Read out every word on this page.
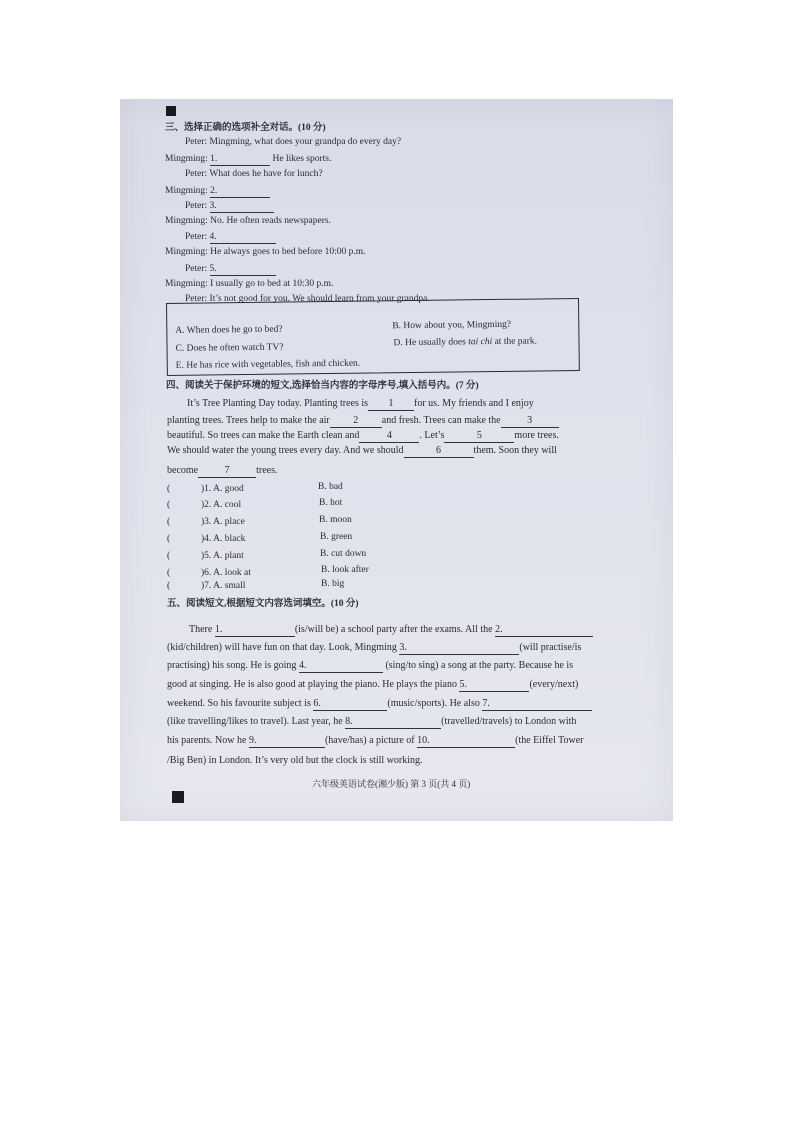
三、选择正确的选项补全对话。(10 分)
Peter: Mingming, what does your grandpa do every day?
Mingming: 1.	He likes sports.
Peter: What does he have for lunch?
Mingming: 2.
Peter: 3.
Mingming: No. He often reads newspapers.
Peter: 4.
Mingming: He always goes to bed before 10:00 p.m.
Peter: 5.
Mingming: I usually go to bed at 10:30 p.m.
Peter: It’s not good for you. We should learn from your grandpa.
A. When does he go to bed?	B. How about you, Mingming?
C. Does he often watch TV?	D. He usually does tai chi at the park.
E. He has rice with vegetables, fish and chicken.
四、阅读关于保护环境的短文,选择恰当内容的字母序号,填入括号内。(7 分)
It’s Tree Planting Day today. Planting trees is 1 for us. My friends and I enjoy
planting trees. Trees help to make the air 2 and fresh. Trees can make the	3
beautiful. So trees can make the Earth clean and	4	. Let’s	5	more trees.
We should water the young trees every day. And we should	6	them. Soon they will
become	7	trees.
(	)1. A. good	B. bad
(	)2. A. cool	B. hot
(	)3. A. place	B. moon
(	)4. A. black	B. green
(	)5. A. plant	B. cut down
(	)6. A. look at	B. look after
(	)7. A. small	B. big
五、阅读短文,根据短文内容选词填空。(10 分)
There 1.	(is/will be) a school party after the exams. All the 2.
(kid/children) will have fun on that day. Look, Mingming 3.	(will practise/is
practising) his song. He is going 4.	(sing/to sing) a song at the party. Because he is
good at singing. He is also good at playing the piano. He plays the piano 5.	(every/next)
weekend. So his favourite subject is 6.	(music/sports). He also 7.
(like travelling/likes to travel). Last year, he 8.	(travelled/travels) to London with
his parents. Now he 9.	(have/has) a picture of 10.	(the Eiffel Tower
/Big Ben) in London. It’s very old but the clock is still working.
六年级英语试卷(湘少版) 第 3 页(共 4 页)
